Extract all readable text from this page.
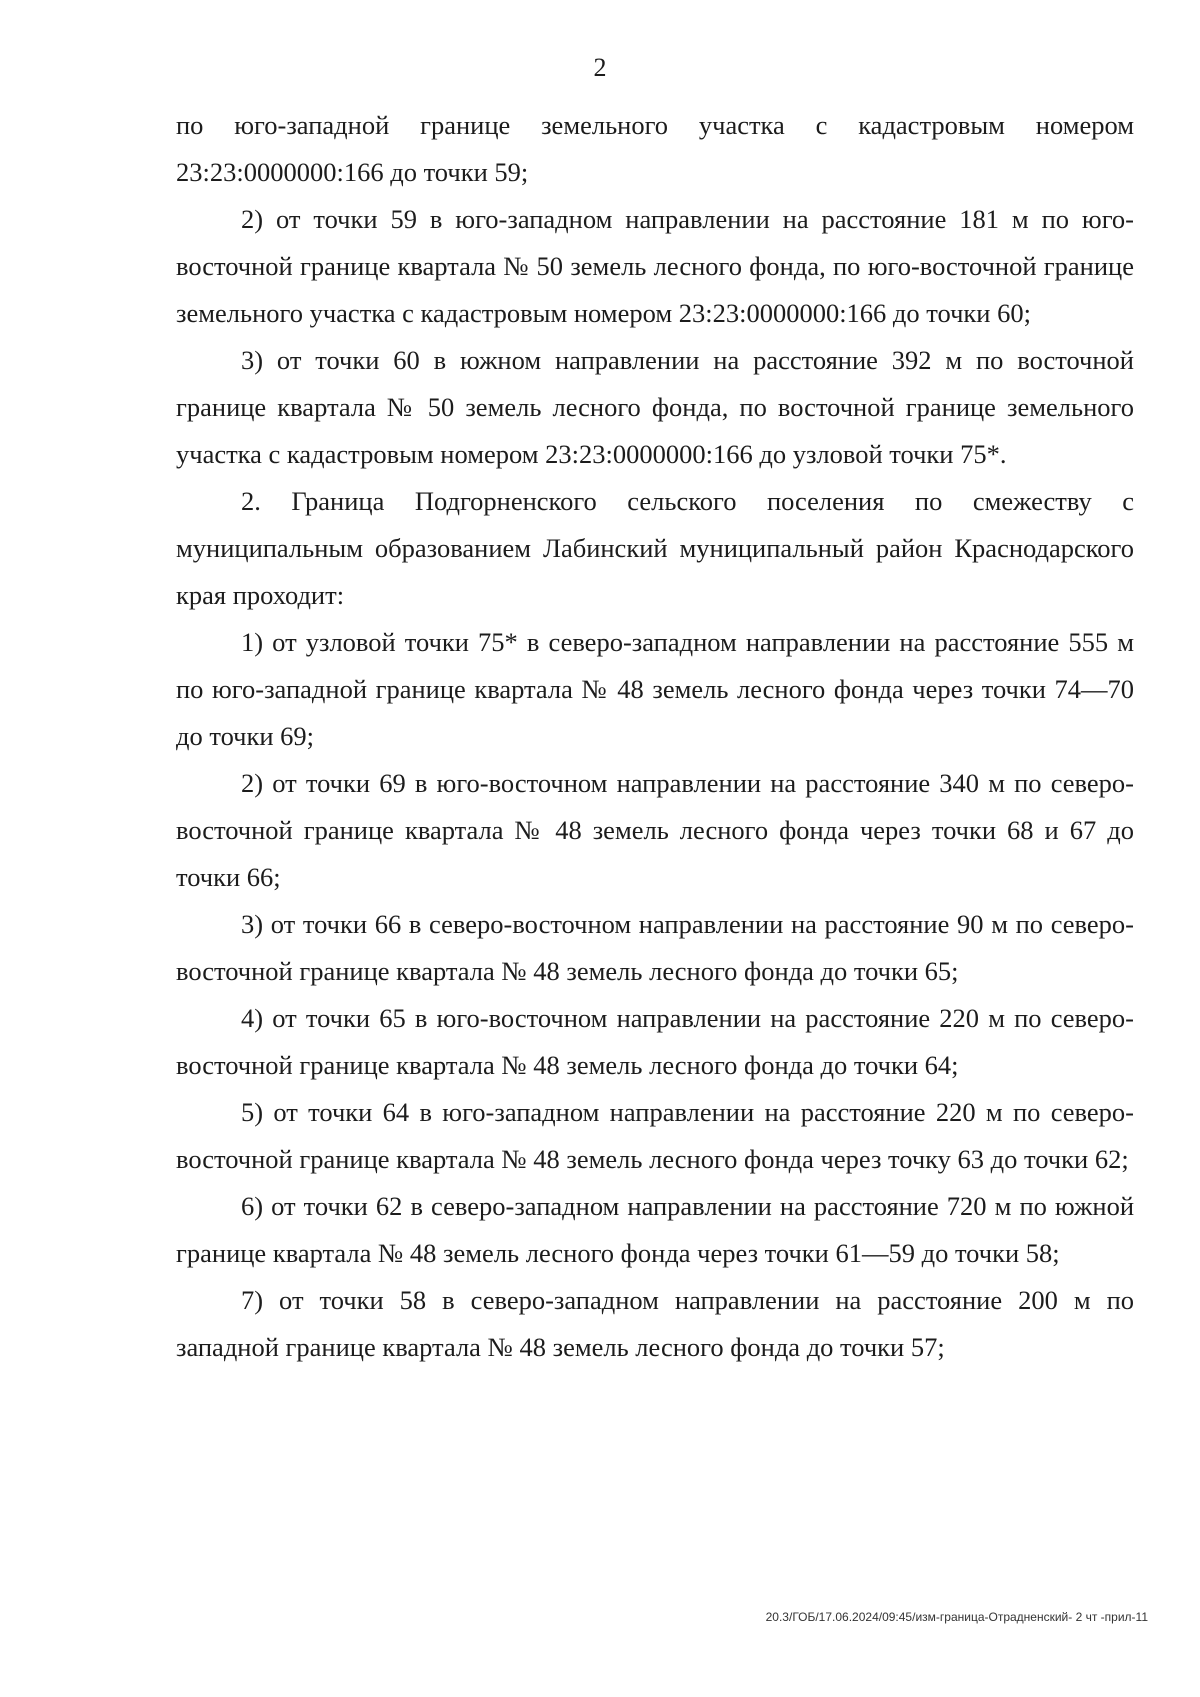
2

по юго-западной границе земельного участка с кадастровым номером 23:23:0000000:166 до точки 59;

2) от точки 59 в юго-западном направлении на расстояние 181 м по юго-восточной границе квартала № 50 земель лесного фонда, по юго-восточной границе земельного участка с кадастровым номером 23:23:0000000:166 до точки 60;

3) от точки 60 в южном направлении на расстояние 392 м по восточной границе квартала № 50 земель лесного фонда, по восточной границе земельного участка с кадастровым номером 23:23:0000000:166 до узловой точки 75*.

2. Граница Подгорненского сельского поселения по смежеству с муниципальным образованием Лабинский муниципальный район Краснодарского края проходит:

1) от узловой точки 75* в северо-западном направлении на расстояние 555 м по юго-западной границе квартала № 48 земель лесного фонда через точки 74—70 до точки 69;

2) от точки 69 в юго-восточном направлении на расстояние 340 м по северо-восточной границе квартала № 48 земель лесного фонда через точки 68 и 67 до точки 66;

3) от точки 66 в северо-восточном направлении на расстояние 90 м по северо-восточной границе квартала № 48 земель лесного фонда до точки 65;

4) от точки 65 в юго-восточном направлении на расстояние 220 м по северо-восточной границе квартала № 48 земель лесного фонда до точки 64;

5) от точки 64 в юго-западном направлении на расстояние 220 м по северо-восточной границе квартала № 48 земель лесного фонда через точку 63 до точки 62;

6) от точки 62 в северо-западном направлении на расстояние 720 м по южной границе квартала № 48 земель лесного фонда через точки 61—59 до точки 58;

7) от точки 58 в северо-западном направлении на расстояние 200 м по западной границе квартала № 48 земель лесного фонда до точки 57;

20.3/ГОБ/17.06.2024/09:45/изм-граница-Отрадненский- 2 чт -прил-11
